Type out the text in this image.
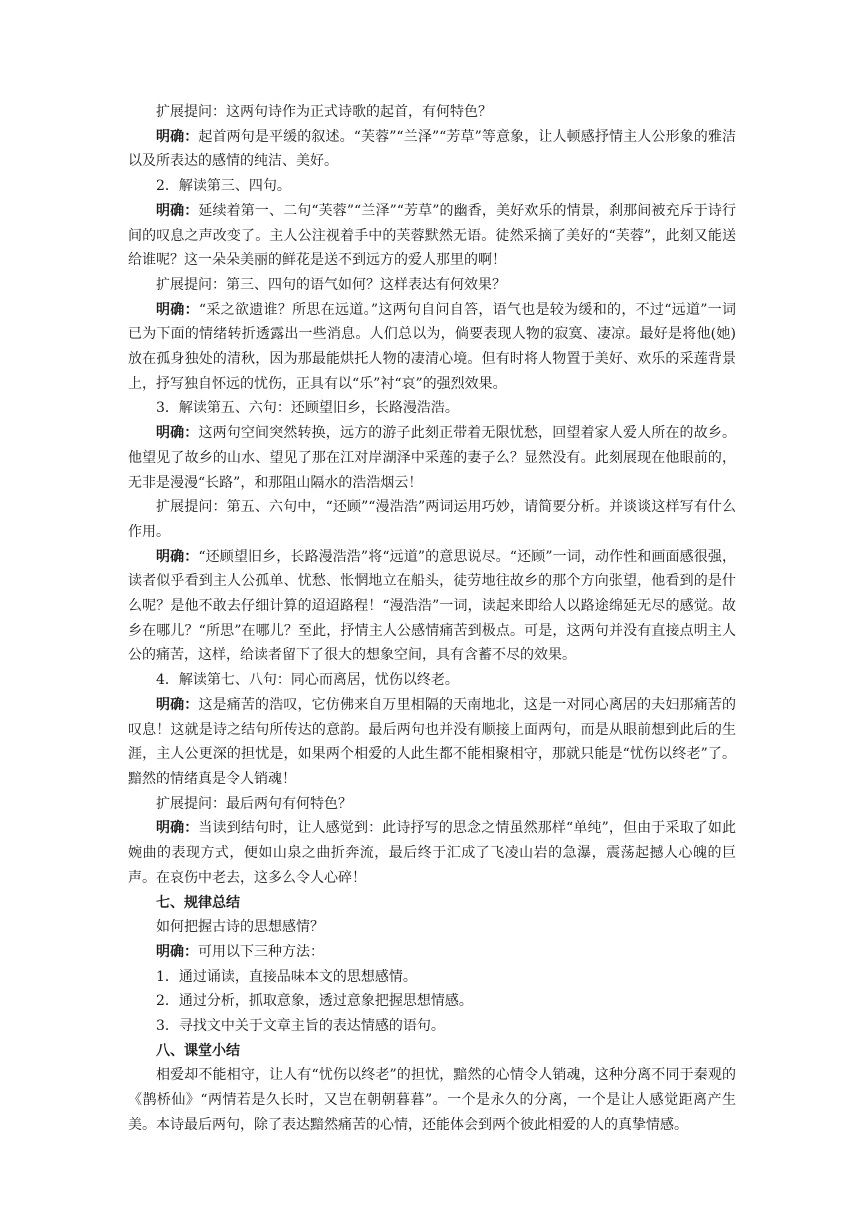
扩展提问：这两句诗作为正式诗歌的起首，有何特色？

明确：起首两句是平缓的叙述。“芙蓉”“兰泽”“芳草”等意象，让人顿感抒情主人公形象的雅洁以及所表达的感情的纯洁、美好。

2．解读第三、四句。

明确：延续着第一、二句“芙蓉”“兰泽”“芳草”的幽香，美好欢乐的情景，刹那间被充斥于诗行间的叹息之声改变了。主人公注视着手中的芙蓉默然无语。徒然采摘了美好的“芙蓉”，此刻又能送给谁呢？这一朵朵美丽的鲜花是送不到远方的爱人那里的啊！

扩展提问：第三、四句的语气如何？这样表达有何效果？

明确：“采之欲遗谁？所思在远道。”这两句自问自答，语气也是较为缓和的，不过“远道”一词已为下面的情绪转折透露出一些消息。人们总以为，倘要表现人物的寂寞、凄凉。最好是将他(她)放在孤身独处的清秋，因为那最能烘托人物的凄清心境。但有时将人物置于美好、欢乐的采莲背景上，抒写独自怀远的忧伤，正具有以“乐”衬“哀”的强烈效果。

3．解读第五、六句：还顾望旧乡，长路漫浩浩。

明确：这两句空间突然转换，远方的游子此刻正带着无限忧愁，回望着家人爱人所在的故乡。他望见了故乡的山水、望见了那在江对岸湖泽中采莲的妻子么？显然没有。此刻展现在他眼前的，无非是漫漫“长路”，和那阻山隔水的浩浩烟云！

扩展提问：第五、六句中，“还顾”“漫浩浩”两词运用巧妙，请简要分析。并谈谈这样写有什么作用。

明确：“还顾望旧乡，长路漫浩浩”将“远道”的意思说尽。“还顾”一词，动作性和画面感很强，读者似乎看到主人公孤单、忧愁、怅惘地立在船头，徒劳地往故乡的那个方向张望，他看到的是什么呢？是他不敢去仔细计算的迢迢路程！“漫浩浩”一词，读起来即给人以路途绵延无尽的感觉。故乡在哪儿？“所思”在哪儿？至此，抒情主人公感情痛苦到极点。可是，这两句并没有直接点明主人公的痛苦，这样，给读者留下了很大的想象空间，具有含蓄不尽的效果。

4．解读第七、八句：同心而离居，忧伤以终老。

明确：这是痛苦的浩叹，它仿佛来自万里相隔的天南地北，这是一对同心离居的夫妇那痛苦的叹息！这就是诗之结句所传达的意韵。最后两句也并没有顺接上面两句，而是从眼前想到此后的生涯，主人公更深的担忧是，如果两个相爱的人此生都不能相聚相守，那就只能是“忧伤以终老”了。黯然的情绪真是令人销魂！

扩展提问：最后两句有何特色？

明确：当读到结句时，让人感觉到：此诗抒写的思念之情虽然那样“单纯”，但由于采取了如此婉曲的表现方式，便如山泉之曲折奔流，最后终于汇成了飞凌山岩的急瀑，震荡起撼人心魄的巨声。在哀伤中老去，这多么令人心碎！

七、规律总结

如何把握古诗的思想感情？

明确：可用以下三种方法：

1．通过诵读，直接品味本文的思想感情。

2．通过分析，抓取意象，透过意象把握思想情感。

3．寻找文中关于文章主旨的表达情感的语句。

八、课堂小结

相爱却不能相守，让人有“忧伤以终老”的担忧，黯然的心情令人销魂，这种分离不同于秦观的《鹊桥仙》“两情若是久长时，又岂在朝朝暮暮”。一个是永久的分离，一个是让人感觉距离产生美。本诗最后两句，除了表达黯然痛苦的心情，还能体会到两个彼此相爱的人的真挚情感。
